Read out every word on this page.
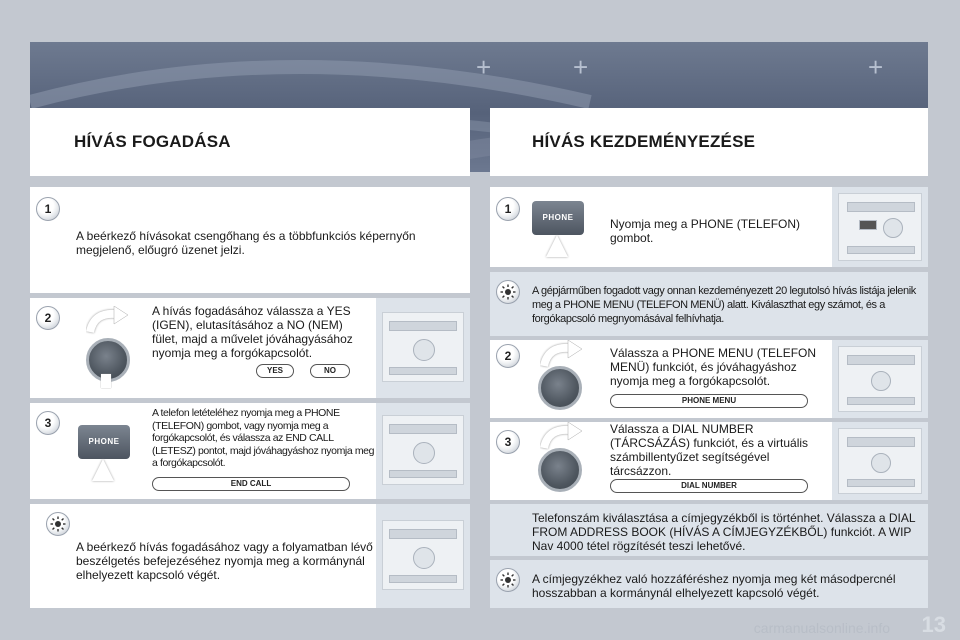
+	+	+
HÍVÁS FOGADÁSA	HÍVÁS KEZDEMÉNYEZÉSE
1
A beérkező hívásokat csengőhang és a többfunkciós képernyőn megjelenő, előugró üzenet jelzi.
2	A hívás fogadásához válassza a YES (IGEN), elutasításához a NO (NEM) fület, majd a művelet jóváhagyásához nyomja meg a forgókapcsolót.
YES	NO
3
PHONE
A telefon letételéhez nyomja meg a PHONE (TELEFON) gombot, vagy nyomja meg a forgókapcsolót, és válassza az END CALL (LETESZ) pontot, majd jóváhagyáshoz nyomja meg a forgókapcsolót.
END CALL
A beérkező hívás fogadásához vagy a folyamatban lévő beszélgetés befejezéséhez nyomja meg a kormánynál elhelyezett kapcsoló végét.
1
PHONE	Nyomja meg a PHONE (TELEFON) gombot.
A gépjárműben fogadott vagy onnan kezdeményezett 20 legutolsó hívás listája jelenik meg a PHONE MENU (TELEFON MENÜ) alatt. Kiválaszthat egy számot, és a forgókapcsoló megnyomásával felhívhatja.
2	Válassza a PHONE MENU (TELEFON MENÜ) funkciót, és jóváhagyáshoz nyomja meg a forgókapcsolót.
PHONE MENU
3
Válassza a DIAL NUMBER (TÁRCSÁZÁS) funkciót, és a virtuális számbillentyűzet segítségével tárcsázzon.
DIAL NUMBER
Telefonszám kiválasztása a címjegyzékből is történhet. Válassza a DIAL FROM ADDRESS BOOK (HÍVÁS A CÍMJEGYZÉKBŐL) funkciót. A WIP Nav 4000 tétel rögzítését teszi lehetővé.
A címjegyzékhez való hozzáféréshez nyomja meg két másodpercnél hosszabban a kormánynál elhelyezett kapcsoló végét.
carmanualsonline.info 13
